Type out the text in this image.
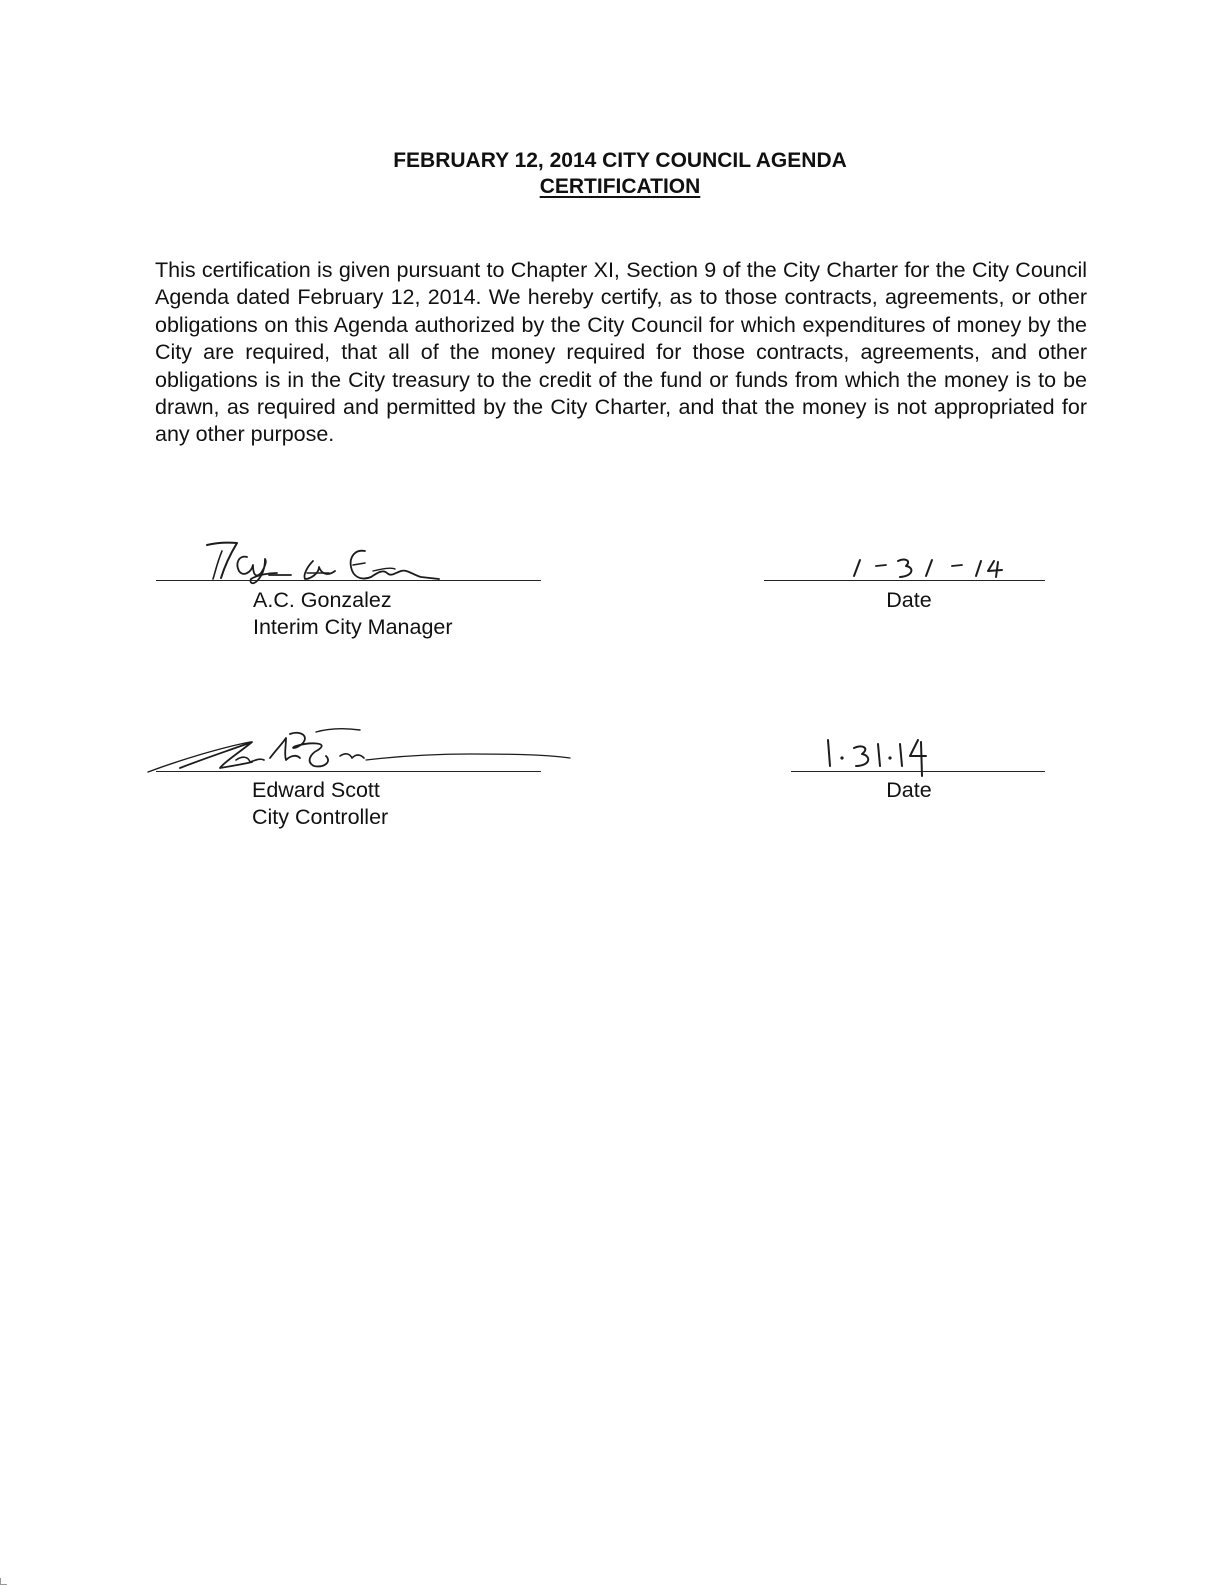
FEBRUARY 12, 2014 CITY COUNCIL AGENDA
CERTIFICATION

This certification is given pursuant to Chapter XI, Section 9 of the City Charter for the City Council Agenda dated February 12, 2014. We hereby certify, as to those contracts, agreements, or other obligations on this Agenda authorized by the City Council for which expenditures of money by the City are required, that all of the money required for those contracts, agreements, and other obligations is in the City treasury to the credit of the fund or funds from which the money is to be drawn, as required and permitted by the City Charter, and that the money is not appropriated for any other purpose.

A.C. Gonzalez
Interim City Manager
Date
Edward Scott
City Controller
Date
